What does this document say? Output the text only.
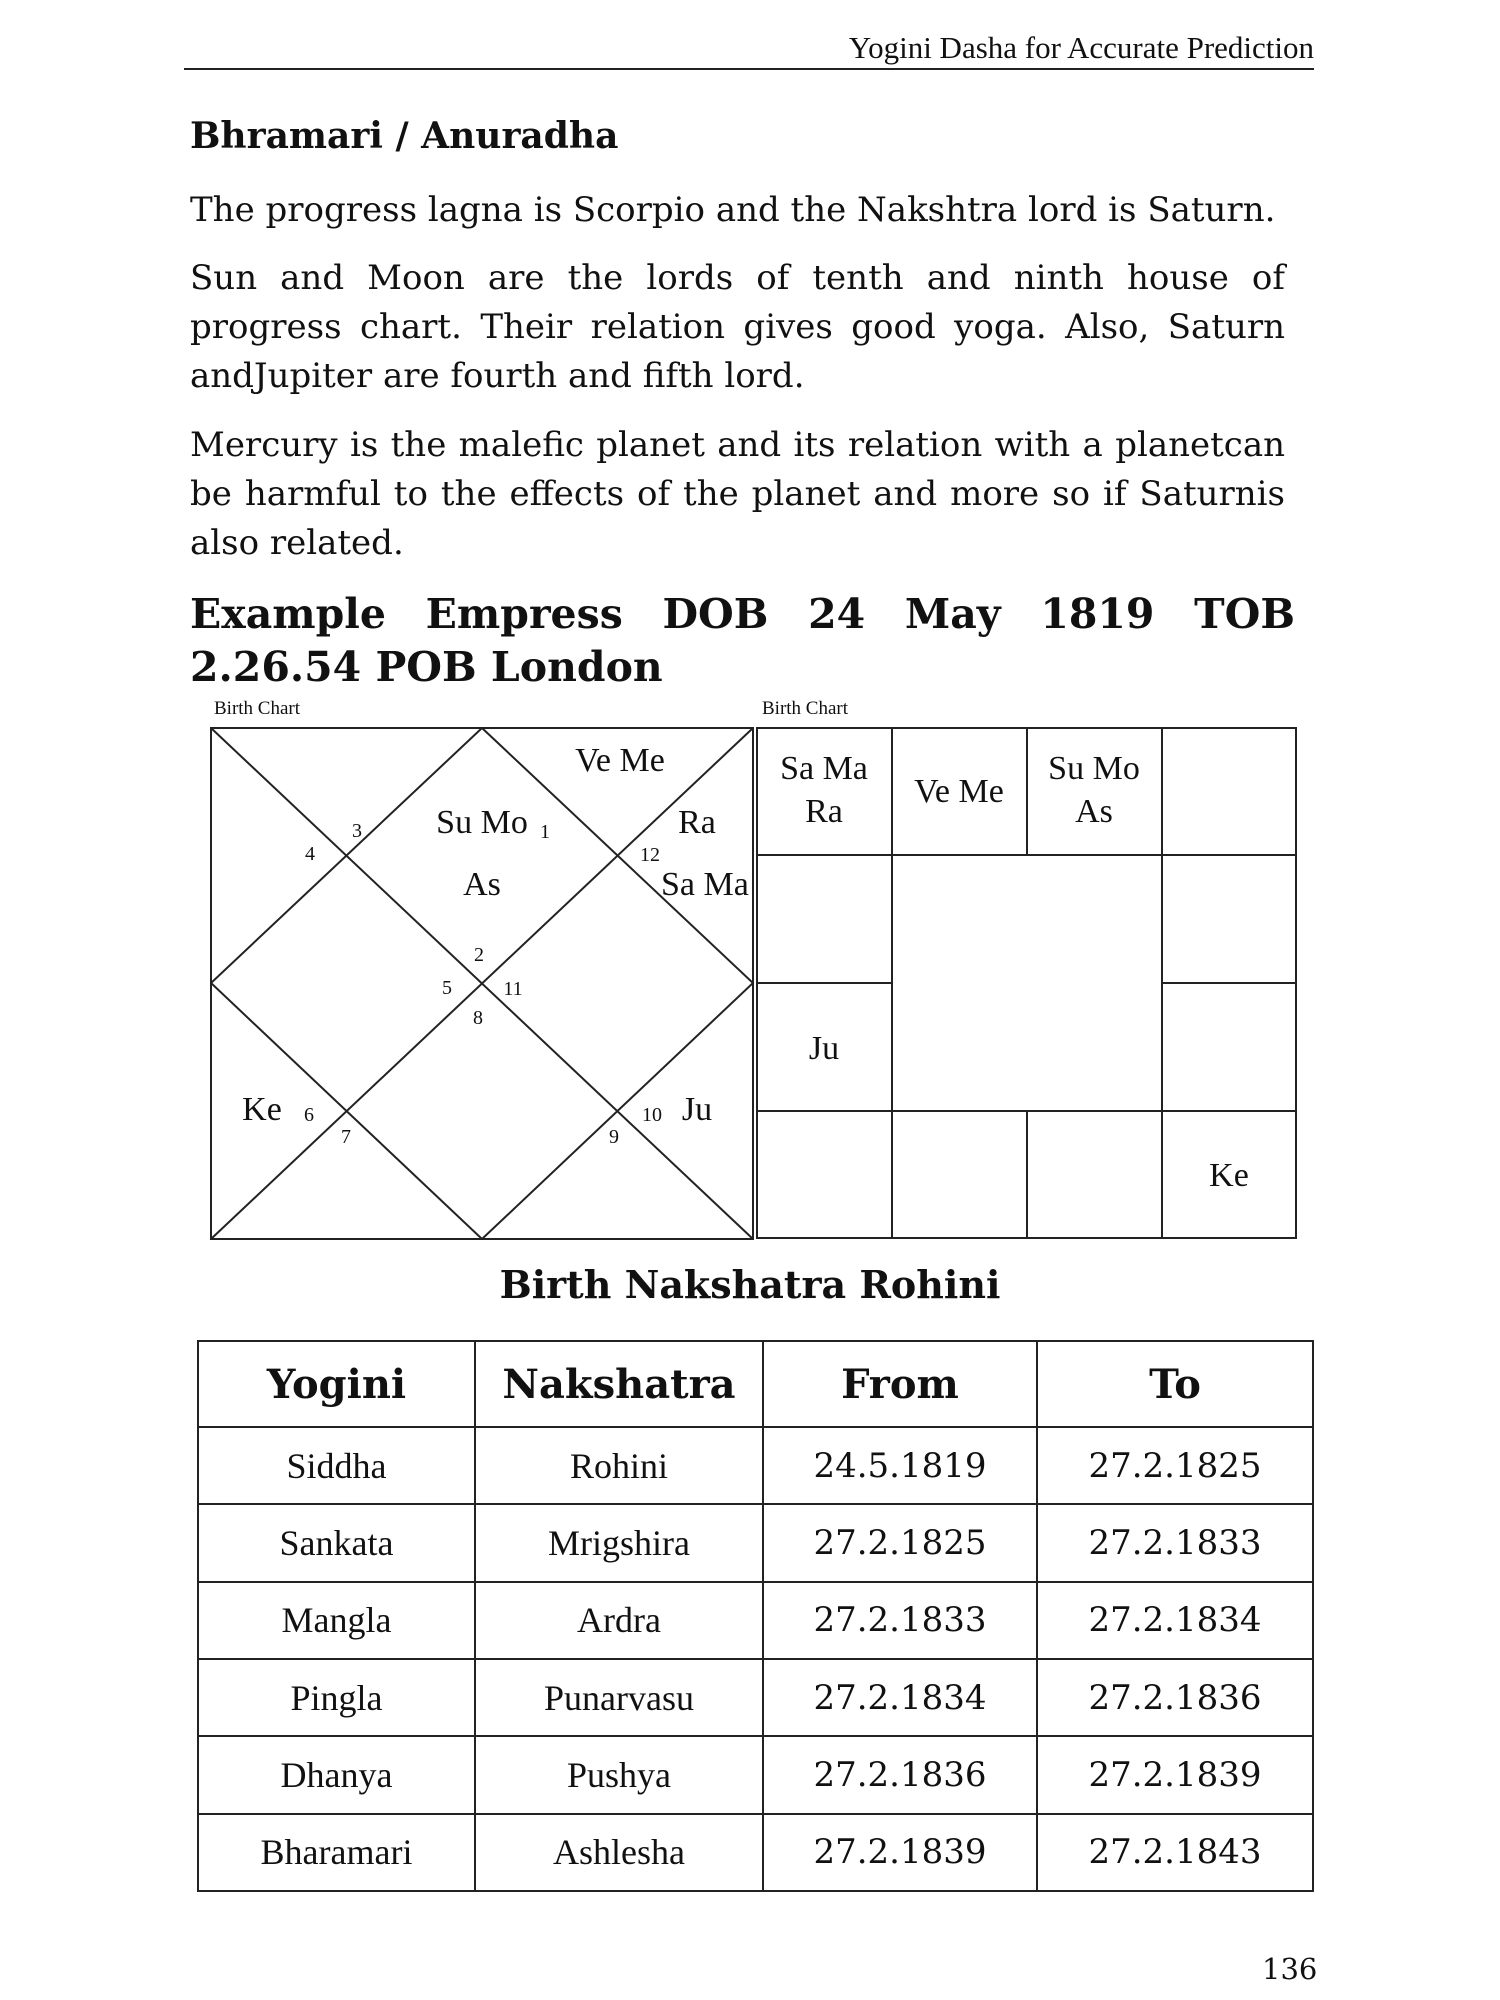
Yogini Dasha for Accurate Prediction
Bhramari / Anuradha

The progress lagna is Scorpio and the Nakshtra lord is Saturn.

Sun and Moon are the lords of tenth and ninth house of progress chart. Their relation gives good yoga. Also, Saturn andJupiter are fourth and fifth lord.

Mercury is the malefic planet and its relation with a planetcan be harmful to the effects of the planet and more so if Saturnis also related.

Example Empress DOB 24 May 1819 TOB 2.26.54 POB London

Birth Chart	Birth Chart
2
1
3
4
5
6
7
8
9
10
11
12
Ve Me
Su Mo
As
Ra
Sa Ma
Ke	Ju
Sa Ma
Ra
Ve Me
Su Mo
As
Ju
Ke
Birth Nakshatra Rohini
Yogini	Nakshatra	From	To
Siddha	Rohini	24.5.1819	27.2.1825
Sankata	Mrigshira	27.2.1825	27.2.1833
Mangla	Ardra	27.2.1833	27.2.1834
Pingla	Punarvasu	27.2.1834	27.2.1836
Dhanya	Pushya	27.2.1836	27.2.1839
Bharamari	Ashlesha	27.2.1839	27.2.1843
136
